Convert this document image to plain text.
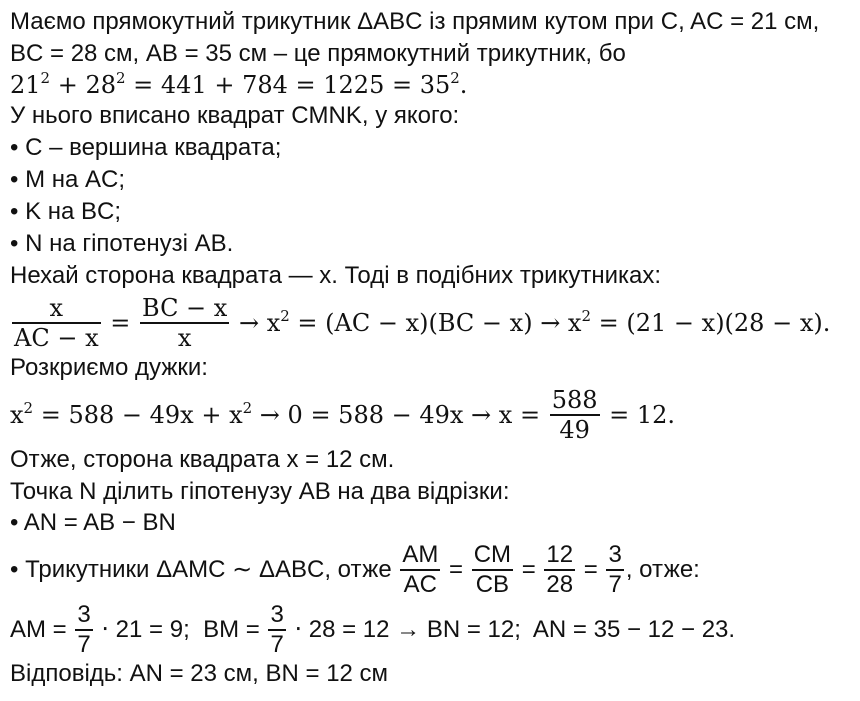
Маємо прямокутний трикутник ΔABC із прямим кутом при C, AC = 21 см,
BC = 28 см, AB = 35 см – це прямокутний трикутник, бо
$21^2 + 28^2 = 441 + 784 = 1225 = 35^2$.
У нього вписано квадрат CMNK, у якого:
• C – вершина квадрата;
• M на AC;
• K на BC;
• N на гіпотенузі AB.
Нехай сторона квадрата — x. Тоді в подібних трикутниках:
$\frac{x}{AC - x} = \frac{BC - x}{x} \to x^2 = (AC - x)(BC - x) \to x^2 = (21 - x)(28 - x)$.
Розкриємо дужки:
$x^2 = 588 - 49x + x^2 \to 0 = 588 - 49x \to x = \frac{588}{49} = 12$.
Отже, сторона квадрата x = 12 см.
Точка N ділить гіпотенузу AB на два відрізки:
• AN = AB − BN
• Трикутники ΔAMC ∼ ΔABC, отже $\frac{AM}{AC} = \frac{CM}{CB} = \frac{12}{28} = \frac{3}{7}$ , отже:
AM = $\frac{3}{7} \cdot 21 = 9$;  BM = $\frac{3}{7} \cdot 28 = 12$ → BN = 12;  AN = 35 − 12 − 23.
Відповідь: AN = 23 см, BN = 12 см
